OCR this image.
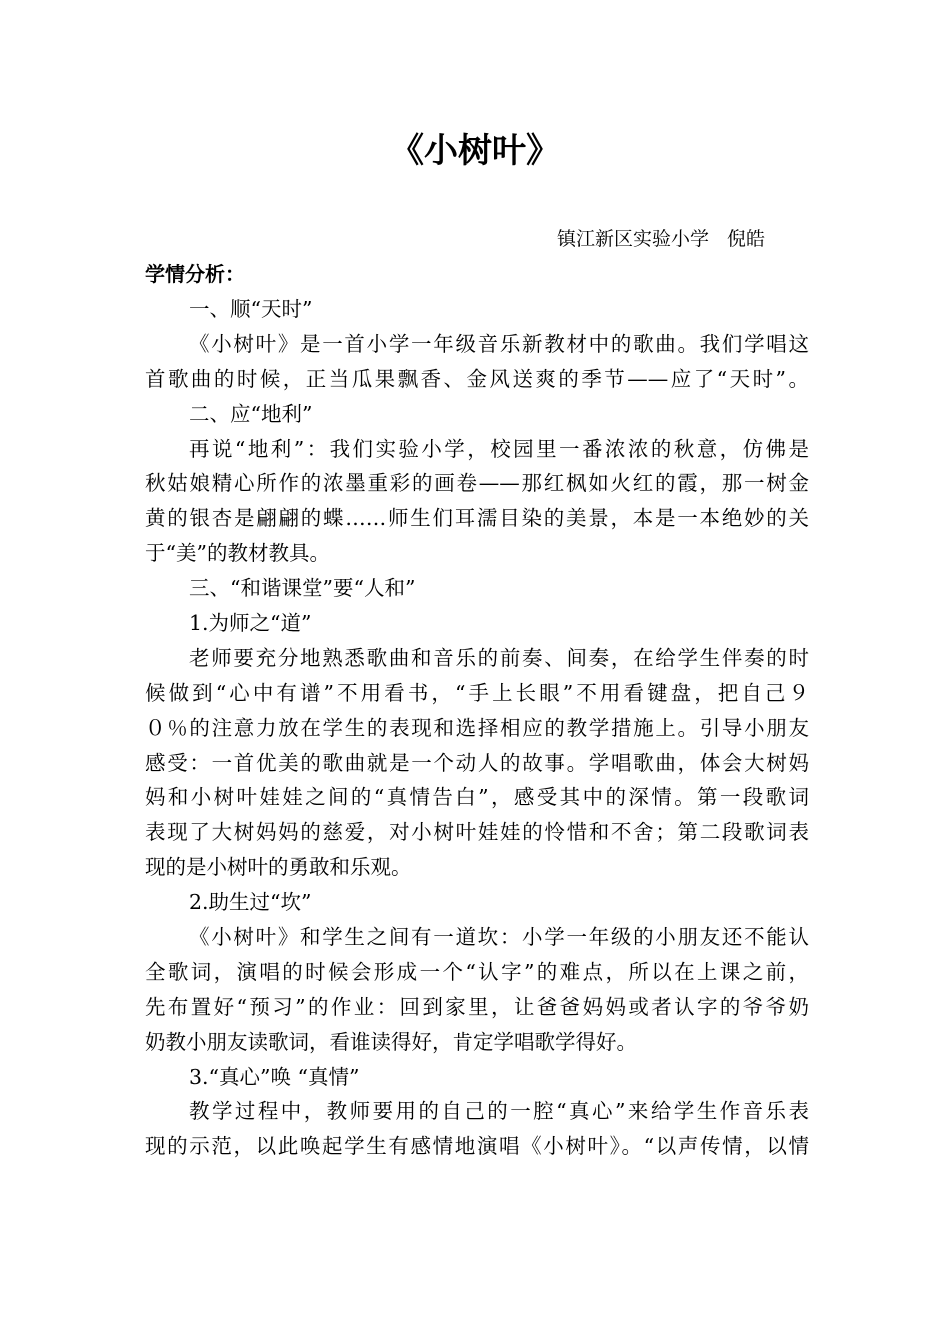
《小树叶》
镇江新区实验小学 倪皓
学情分析：
一、顺“天时”
《小树叶》是一首小学一年级音乐新教材中的歌曲。我们学唱这
首歌曲的时候，正当瓜果飘香、金风送爽的季节——应了“天时”。
二、应“地利”
再说“地利”：我们实验小学，校园里一番浓浓的秋意，仿佛是
秋姑娘精心所作的浓墨重彩的画卷——那红枫如火红的霞，那一树金
黄的银杏是翩翩的蝶……师生们耳濡目染的美景，本是一本绝妙的关
于“美”的教材教具。
三、“和谐课堂”要“人和”
1.为师之“道”
老师要充分地熟悉歌曲和音乐的前奏、间奏，在给学生伴奏的时
候做到“心中有谱”不用看书，“手上长眼”不用看键盘，把自己９
０％的注意力放在学生的表现和选择相应的教学措施上。引导小朋友
感受：一首优美的歌曲就是一个动人的故事。学唱歌曲，体会大树妈
妈和小树叶娃娃之间的“真情告白”，感受其中的深情。第一段歌词
表现了大树妈妈的慈爱，对小树叶娃娃的怜惜和不舍；第二段歌词表
现的是小树叶的勇敢和乐观。
2.助生过“坎”
《小树叶》和学生之间有一道坎：小学一年级的小朋友还不能认
全歌词，演唱的时候会形成一个“认字”的难点，所以在上课之前，
先布置好“预习”的作业：回到家里，让爸爸妈妈或者认字的爷爷奶
奶教小朋友读歌词，看谁读得好，肯定学唱歌学得好。
3.“真心”唤 “真情”
教学过程中，教师要用的自己的一腔“真心”来给学生作音乐表
现的示范，以此唤起学生有感情地演唱《小树叶》。“以声传情，以情
